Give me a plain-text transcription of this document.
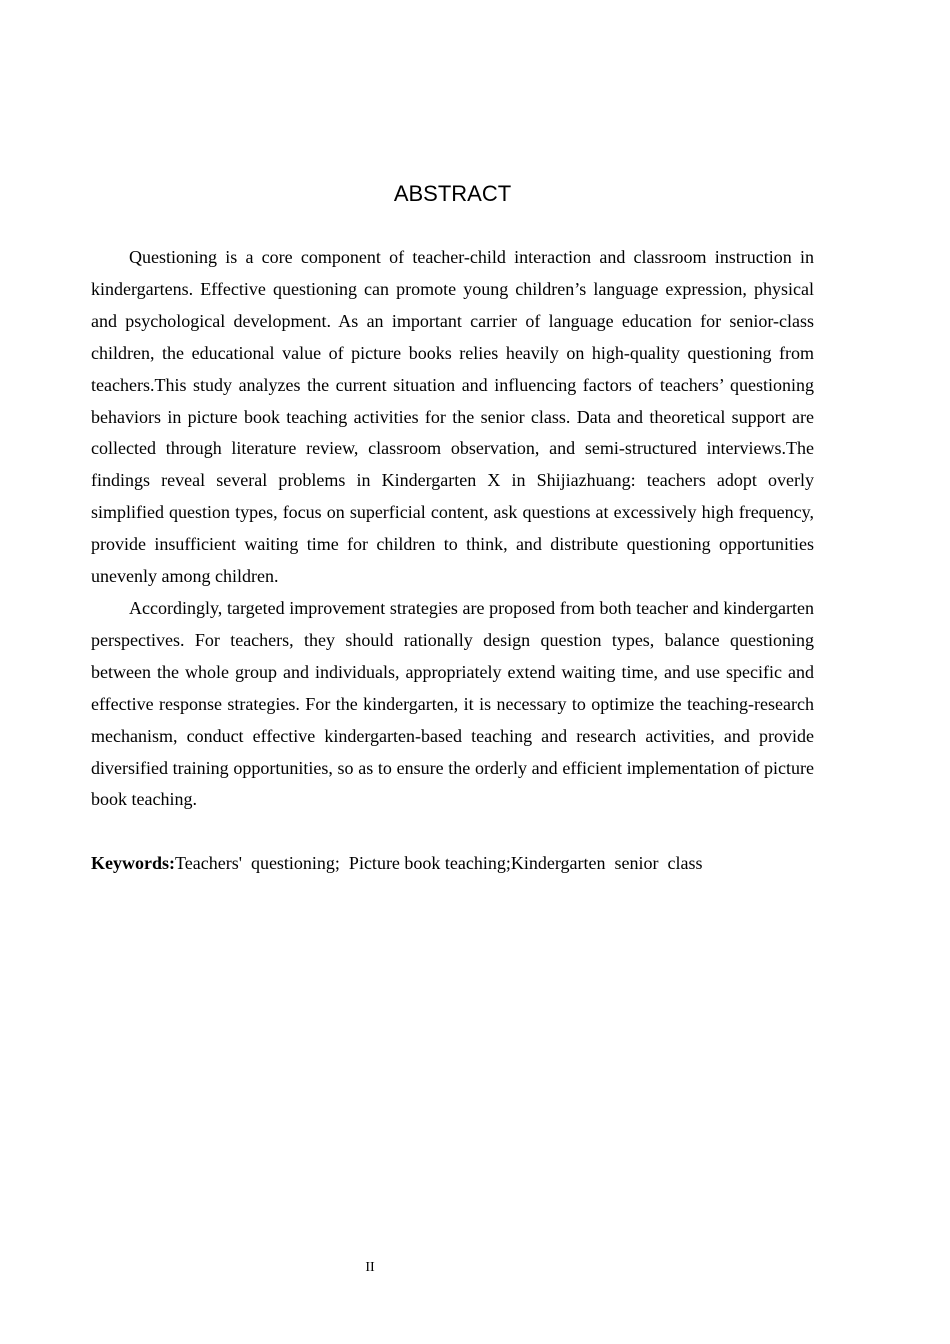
ABSTRACT

Questioning is a core component of teacher-child interaction and classroom instruction in kindergartens. Effective questioning can promote young children’s language expression, physical and psychological development. As an important carrier of language education for senior-class children, the educational value of picture books relies heavily on high-quality questioning from teachers.This study analyzes the current situation and influencing factors of teachers’ questioning behaviors in picture book teaching activities for the senior class. Data and theoretical support are collected through literature review, classroom observation, and semi-structured interviews.The findings reveal several problems in Kindergarten X in Shijiazhuang: teachers adopt overly simplified question types, focus on superficial content, ask questions at excessively high frequency, provide insufficient waiting time for children to think, and distribute questioning opportunities unevenly among children.

Accordingly, targeted improvement strategies are proposed from both teacher and kindergarten perspectives. For teachers, they should rationally design question types, balance questioning between the whole group and individuals, appropriately extend waiting time, and use specific and effective response strategies. For the kindergarten, it is necessary to optimize the teaching-research mechanism, conduct effective kindergarten-based teaching and research activities, and provide diversified training opportunities, so as to ensure the orderly and efficient implementation of picture book teaching.

Keywords:Teachers'  questioning;  Picture book teaching;Kindergarten  senior  class
II
